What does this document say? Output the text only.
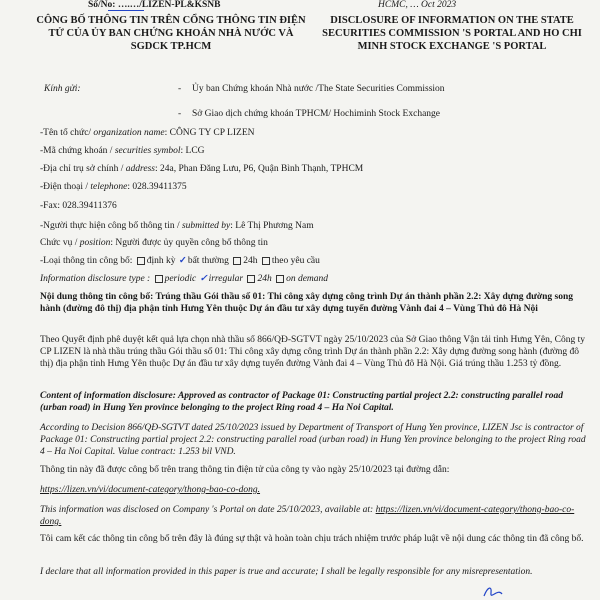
Số/No: ….…/LIZEN-PL&KSNB	HCMC, … Oct 2023
CÔNG BỐ THÔNG TIN TRÊN CỔNG THÔNG TIN ĐIỆN TỬ CỦA ỦY BAN CHỨNG KHOÁN NHÀ NƯỚC VÀ SGDCK TP.HCM
DISCLOSURE OF INFORMATION ON THE STATE SECURITIES COMMISSION 'S PORTAL AND HO CHI MINH STOCK EXCHANGE 'S PORTAL
Kính gửi:	- Ủy ban Chứng khoán Nhà nước /The State Securities Commission
- Sở Giao dịch chứng khoán TPHCM/ Hochiminh Stock Exchange
-Tên tổ chức/ organization name: CÔNG TY CP LIZEN
-Mã chứng khoán / securities symbol: LCG
-Địa chỉ trụ sở chính / address: 24a, Phan Đăng Lưu, P6, Quận Bình Thạnh, TPHCM
-Điện thoại / telephone: 028.39411375
-Fax: 028.39411376
-Người thực hiện công bố thông tin / submitted by: Lê Thị Phương Nam
Chức vụ / position: Người được ủy quyền công bố thông tin
-Loại thông tin công bố: định kỳ ✓bất thường 24h theo yêu cầu
Information disclosure type : periodic ✓irregular 24h on demand
Nội dung thông tin công bố: Trúng thầu Gói thầu số 01: Thi công xây dựng công trình Dự án thành phần 2.2: Xây dựng đường song hành (đường đô thị) địa phận tỉnh Hưng Yên thuộc Dự án đầu tư xây dựng tuyến đường Vành đai 4 – Vùng Thủ đô Hà Nội
Theo Quyết định phê duyệt kết quả lựa chọn nhà thầu số 866/QĐ-SGTVT ngày 25/10/2023 của Sở Giao thông Vận tải tỉnh Hưng Yên, Công ty CP LIZEN là nhà thầu trúng thầu Gói thầu số 01: Thi công xây dựng công trình Dự án thành phần 2.2: Xây dựng đường song hành (đường đô thị) địa phận tỉnh Hưng Yên thuộc Dự án đầu tư xây dựng tuyến đường Vành đai 4 – Vùng Thủ đô Hà Nội. Giá trúng thầu 1.253 tỷ đồng.
Content of information disclosure: Approved as contractor of Package 01: Constructing partial project 2.2: constructing parallel road (urban road) in Hung Yen province belonging to the project Ring road 4 – Ha Noi Capital.
According to Decision 866/QĐ-SGTVT dated 25/10/2023 issued by Department of Transport of Hung Yen province, LIZEN Jsc is contractor of Package 01: Constructing partial project 2.2: constructing parallel road (urban road) in Hung Yen province belonging to the project Ring road 4 – Ha Noi Capital. Value contract: 1.253 bil VND.
Thông tin này đã được công bố trên trang thông tin điện tử của công ty vào ngày 25/10/2023 tại đường dẫn:
https://lizen.vn/vi/document-category/thong-bao-co-dong.
This information was disclosed on Company 's Portal on date 25/10/2023, available at: https://lizen.vn/vi/document-category/thong-bao-co-dong.
Tôi cam kết các thông tin công bố trên đây là đúng sự thật và hoàn toàn chịu trách nhiệm trước pháp luật về nội dung các thông tin đã công bố.
I declare that all information provided in this paper is true and accurate; I shall be legally responsible for any misrepresentation.
